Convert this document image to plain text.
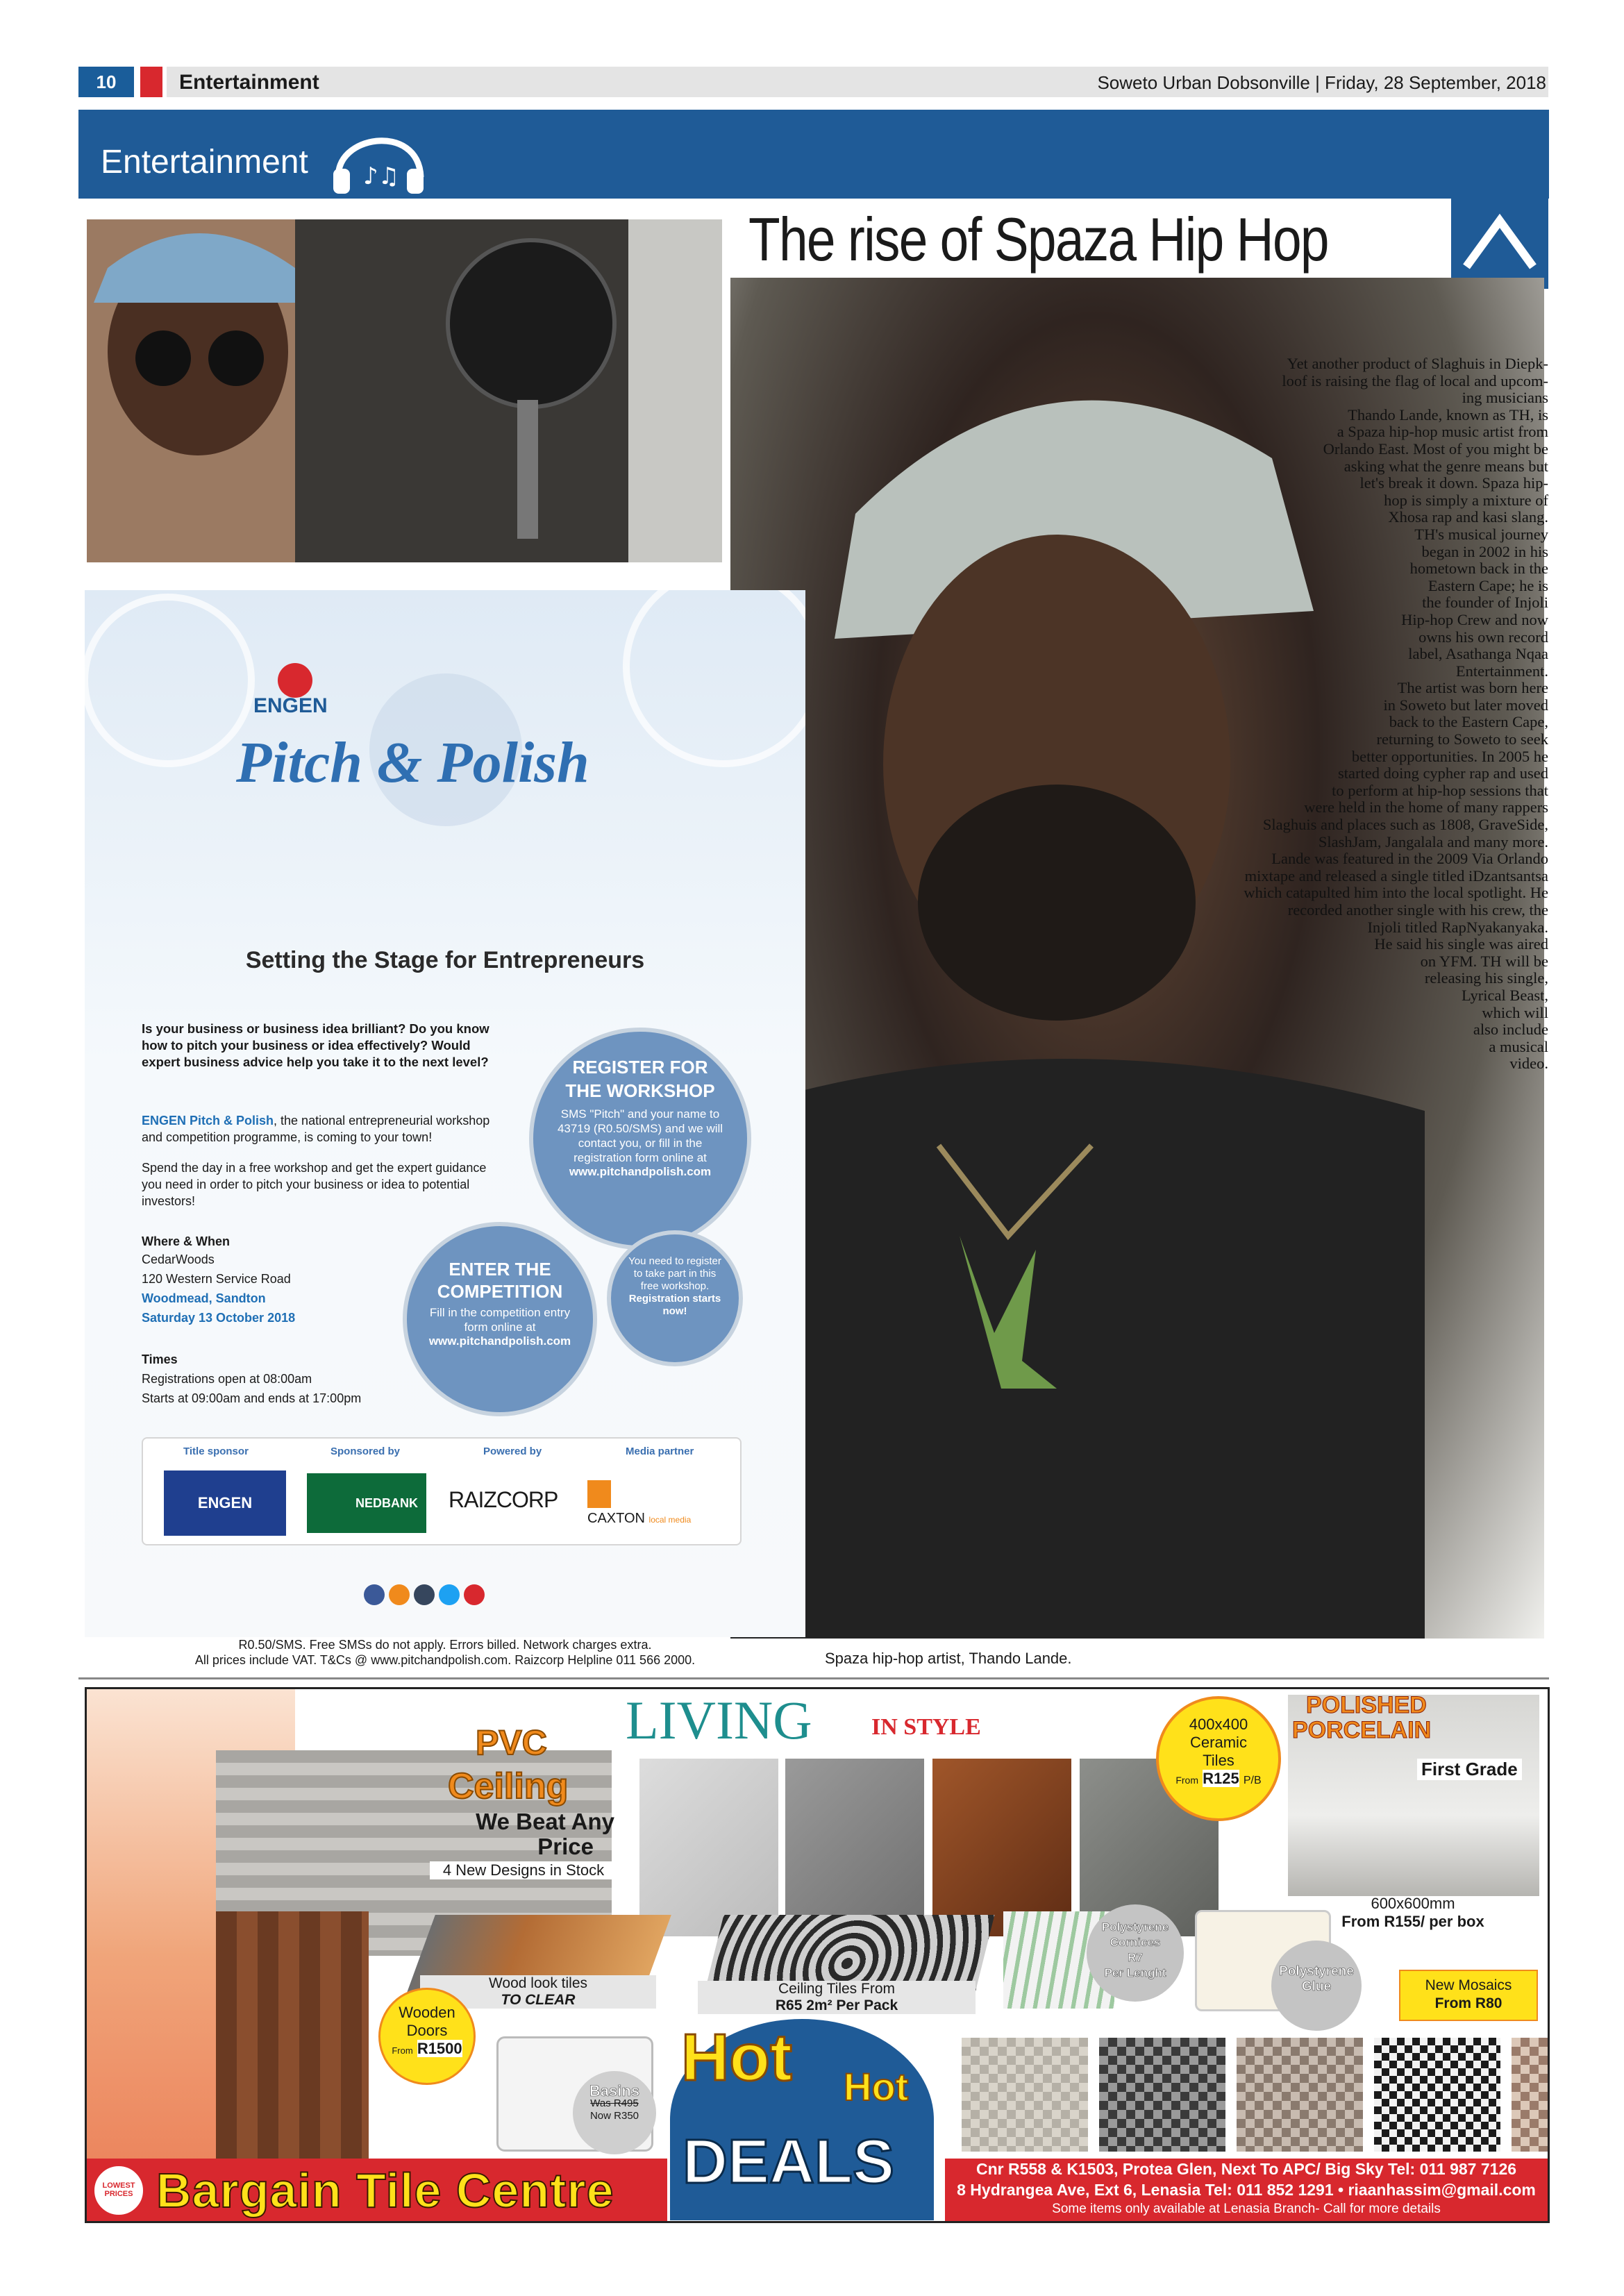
10	Entertainment	Soweto Urban Dobsonville | Friday, 28 September, 2018
Entertainment ♪♫
The rise of Spaza Hip Hop
Spaza hip-hop artist, Thando Lande.

Yet another product of Slaghuis in Diepk-

loof is raising the flag of local and upcom-

ing musicians

Thando Lande, known as TH, is

a Spaza hip-hop music artist from

Orlando East. Most of you might be

asking what the genre means but

let's break it down. Spaza hip-

hop is simply a mixture of

Xhosa rap and kasi slang.

TH's musical journey

began in 2002 in his

hometown back in the

Eastern Cape; he is

the founder of Injoli

Hip-hop Crew and now

owns his own record

label, Asathanga Nqaa

Entertainment.

The artist was born here

in Soweto but later moved

back to the Eastern Cape,

returning to Soweto to seek

better opportunities. In 2005 he

started doing cypher rap and used

to perform at hip-hop sessions that

were held in the home of many rappers

Slaghuis and places such as 1808, GraveSide,

SlashJam, Jangalala and many more.

Lande was featured in the 2009 Via Orlando

mixtape and released a single titled iDzantsantsa

which catapulted him into the local spotlight. He

recorded another single with his crew, the

Injoli titled RapNyakanyaka.

He said his single was aired

on YFM. TH will be

releasing his single,

Lyrical Beast,

which will

also include

a musical

video.

ENGEN
Pitch & Polish
Setting the Stage for Entrepreneurs
Is your business or business idea brilliant? Do you know how to pitch your business or idea effectively? Would expert business advice help you take it to the next level?
ENGEN Pitch & Polish, the national entrepreneurial workshop and competition programme, is coming to your town!
Spend the day in a free workshop and get the expert guidance you need in order to pitch your business or idea to potential investors!
Where & When
CedarWoods
120 Western Service Road
Woodmead, Sandton
Saturday 13 October 2018
Times
Registrations open at 08:00am
Starts at 09:00am and ends at 17:00pm
REGISTER FOR THE WORKSHOP
SMS "Pitch" and your name to 43719 (R0.50/SMS) and we will contact you, or fill in the registration form online at
www.pitchandpolish.com
ENTER THE COMPETITION
Fill in the competition entry form online at
www.pitchandpolish.com
You need to register to take part in this free workshop.
Registration starts now!
Title sponsor	Sponsored by	Powered by	Media partner
ENGEN	NEDBANK	RAIZCORP
CAXTON local media
R0.50/SMS. Free SMSs do not apply. Errors billed. Network charges extra.
All prices include VAT. T&Cs @ www.pitchandpolish.com. Raizcorp Helpline 011 566 2000.
PVC
Ceiling
We Beat Any
Price
4 New Designs in Stock
LIVING	IN STYLE	400x400
Ceramic
Tiles
From R125 P/B
POLISHED
PORCELAIN
First Grade
600x600mm
From R155/ per box
Wood look tiles
TO CLEAR
Ceiling Tiles From
R65 2m² Per Pack
Polystyrene
Cornices
R7
Per Lenght	Polystyrene
Glue	New Mosaics
From R80
Wooden
Doors
From R1500
Basins
Was R495
Now R350
Hot Hot
DEALS
LOWEST PRICES Bargain Tile Centre	Cnr R558 & K1503, Protea Glen, Next To APC/ Big Sky Tel: 011 987 7126
8 Hydrangea Ave, Ext 6, Lenasia Tel: 011 852 1291 • riaanhassim@gmail.com
Some items only available at Lenasia Branch- Call for more details
